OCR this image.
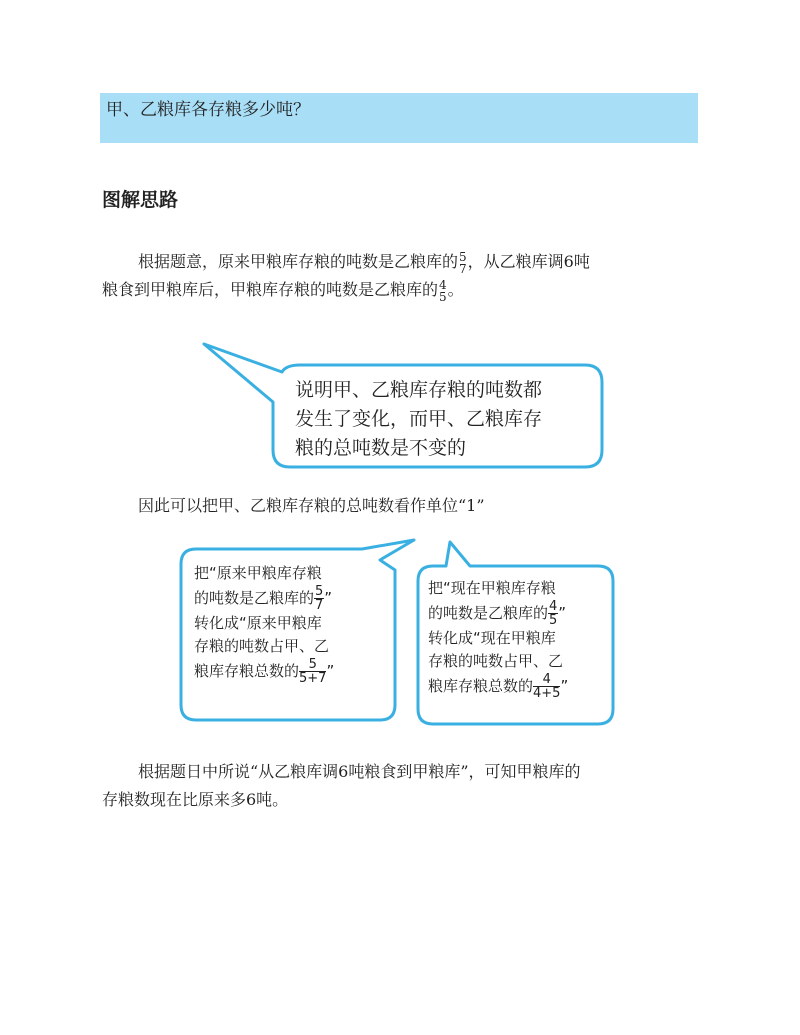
甲、乙粮库各存粮多少吨？
图解思路
根据题意，原来甲粮库存粮的吨数是乙粮库的 5
7 ，从乙粮库调6吨
粮食到甲粮库后，甲粮库存粮的吨数是乙粮库的 4
5 。
说明甲、乙粮库存粮的吨数都
发生了变化，而甲、乙粮库存
粮的总吨数是不变的
因此可以把甲、乙粮库存粮的总吨数看作单位“1”
把“原来甲粮库存粮
的吨数是乙粮库的 $\frac{5}{7}$ ”
转化成“原来甲粮库
存粮的吨数占甲、乙
粮库存粮总数的 $\frac{5}{5+7}$ ”
把“现在甲粮库存粮
的吨数是乙粮库的 $\frac{4}{5}$ ”
转化成“现在甲粮库
存粮的吨数占甲、乙
粮库存粮总数的 $\frac{4}{4+5}$ ”
根据题日中所说“从乙粮库调6吨粮食到甲粮库”，可知甲粮库的
存粮数现在比原来多6吨。
